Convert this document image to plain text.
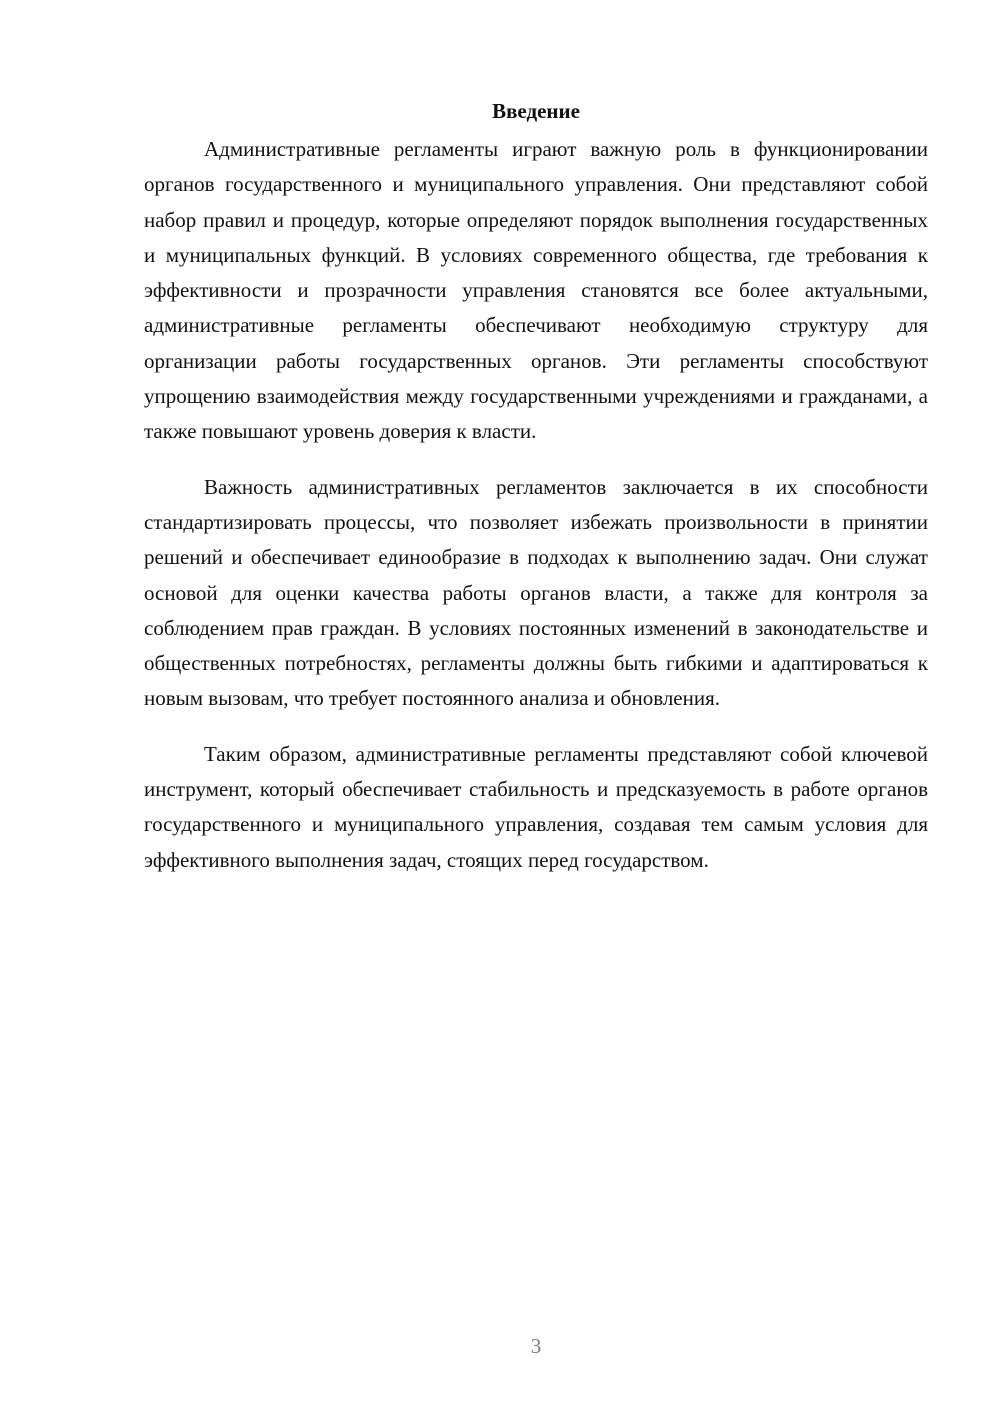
Введение

Административные регламенты играют важную роль в функционировании органов государственного и муниципального управления. Они представляют собой набор правил и процедур, которые определяют порядок выполнения государственных и муниципальных функций. В условиях современного общества, где требования к эффективности и прозрачности управления становятся все более актуальными, административные регламенты обеспечивают необходимую структуру для организации работы государственных органов. Эти регламенты способствуют упрощению взаимодействия между государственными учреждениями и гражданами, а также повышают уровень доверия к власти.

Важность административных регламентов заключается в их способности стандартизировать процессы, что позволяет избежать произвольности в принятии решений и обеспечивает единообразие в подходах к выполнению задач. Они служат основой для оценки качества работы органов власти, а также для контроля за соблюдением прав граждан. В условиях постоянных изменений в законодательстве и общественных потребностях, регламенты должны быть гибкими и адаптироваться к новым вызовам, что требует постоянного анализа и обновления.

Таким образом, административные регламенты представляют собой ключевой инструмент, который обеспечивает стабильность и предсказуемость в работе органов государственного и муниципального управления, создавая тем самым условия для эффективного выполнения задач, стоящих перед государством.

3
